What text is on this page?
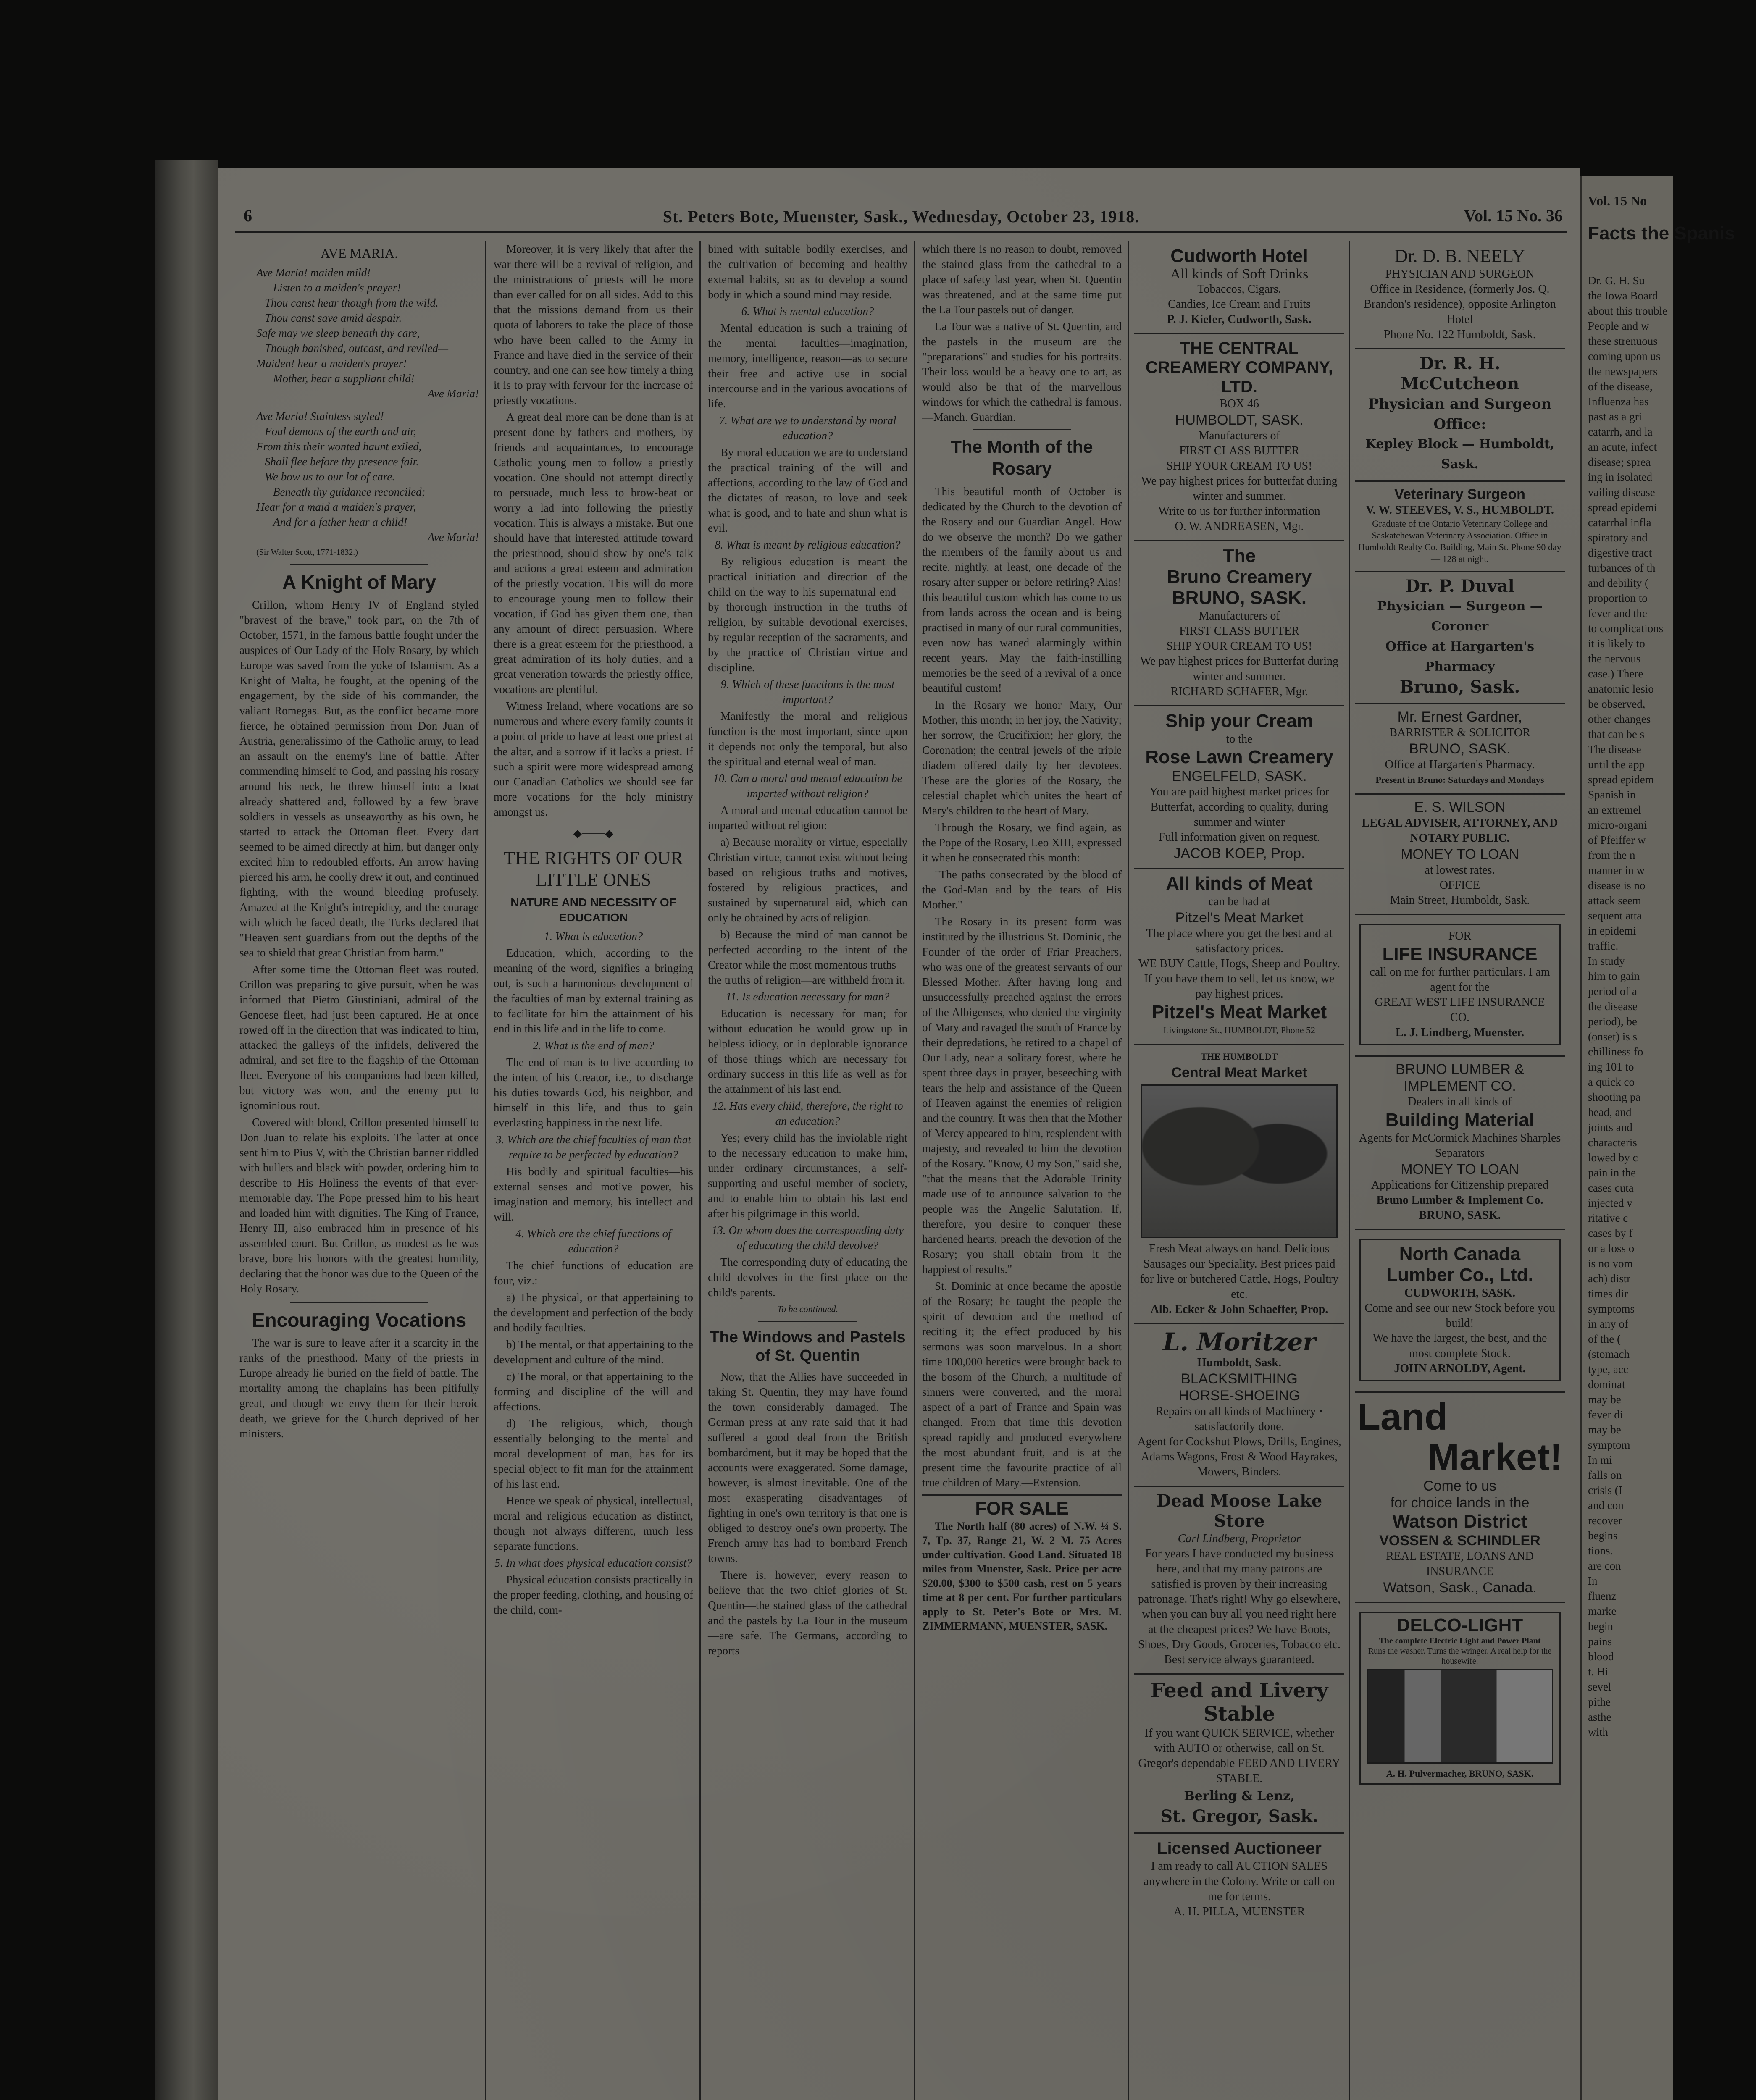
6	St. Peters Bote, Muenster, Sask., Wednesday, October 23, 1918.	Vol. 15 No. 36
AVE MARIA.
Ave Maria! maiden mild!
Listen to a maiden's prayer!
Thou canst hear though from the wild.
Thou canst save amid despair.
Safe may we sleep beneath thy care,
Though banished, outcast, and reviled—
Maiden! hear a maiden's prayer!
Mother, hear a suppliant child!
Ave Maria!
Ave Maria! Stainless styled!
Foul demons of the earth and air,
From this their wonted haunt exiled,
Shall flee before thy presence fair.
We bow us to our lot of care.
Beneath thy guidance reconciled;
Hear for a maid a maiden's prayer,
And for a father hear a child!
Ave Maria!
(Sir Walter Scott, 1771-1832.)
A Knight of Mary

Crillon, whom Henry IV of England styled "bravest of the brave," took part, on the 7th of October, 1571, in the famous battle fought under the auspices of Our Lady of the Holy Rosary, by which Europe was saved from the yoke of Islamism. As a Knight of Malta, he fought, at the opening of the engagement, by the side of his commander, the valiant Romegas. But, as the conflict became more fierce, he obtained permission from Don Juan of Austria, generalissimo of the Catholic army, to lead an assault on the enemy's line of battle. After commending himself to God, and passing his rosary around his neck, he threw himself into a boat already shattered and, followed by a few brave soldiers in vessels as unseaworthy as his own, he started to attack the Ottoman fleet. Every dart seemed to be aimed directly at him, but danger only excited him to redoubled efforts. An arrow having pierced his arm, he coolly drew it out, and continued fighting, with the wound bleeding profusely. Amazed at the Knight's intrepidity, and the courage with which he faced death, the Turks declared that "Heaven sent guardians from out the depths of the sea to shield that great Christian from harm."

After some time the Ottoman fleet was routed. Crillon was preparing to give pursuit, when he was informed that Pietro Giustiniani, admiral of the Genoese fleet, had just been captured. He at once rowed off in the direction that was indicated to him, attacked the galleys of the infidels, delivered the admiral, and set fire to the flagship of the Ottoman fleet. Everyone of his companions had been killed, but victory was won, and the enemy put to ignominious rout.

Covered with blood, Crillon presented himself to Don Juan to relate his exploits. The latter at once sent him to Pius V, with the Christian banner riddled with bullets and black with powder, ordering him to describe to His Holiness the events of that ever-memorable day. The Pope pressed him to his heart and loaded him with dignities. The King of France, Henry III, also embraced him in presence of his assembled court. But Crillon, as modest as he was brave, bore his honors with the greatest humility, declaring that the honor was due to the Queen of the Holy Rosary.

Encouraging Vocations

The war is sure to leave after it a scarcity in the ranks of the priesthood. Many of the priests in Europe already lie buried on the field of battle. The mortality among the chaplains has been pitifully great, and though we envy them for their heroic death, we grieve for the Church deprived of her ministers.

Moreover, it is very likely that after the war there will be a revival of religion, and the ministrations of priests will be more than ever called for on all sides. Add to this that the missions demand from us their quota of laborers to take the place of those who have been called to the Army in France and have died in the service of their country, and one can see how timely a thing it is to pray with fervour for the increase of priestly vocations.

A great deal more can be done than is at present done by fathers and mothers, by friends and acquaintances, to encourage Catholic young men to follow a priestly vocation. One should not attempt directly to persuade, much less to brow-beat or worry a lad into following the priestly vocation. This is always a mistake. But one should have that interested attitude toward the priesthood, should show by one's talk and actions a great esteem and admiration of the priestly vocation. This will do more to encourage young men to follow their vocation, if God has given them one, than any amount of direct persuasion. Where there is a great esteem for the priesthood, a great admiration of its holy duties, and a great veneration towards the priestly office, vocations are plentiful.

Witness Ireland, where vocations are so numerous and where every family counts it a point of pride to have at least one priest at the altar, and a sorrow if it lacks a priest. If such a spirit were more widespread among our Canadian Catholics we should see far more vocations for the holy ministry amongst us.

◆───◆
THE RIGHTS OF OUR LITTLE ONES
NATURE AND NECESSITY OF EDUCATION

1. What is education?

Education, which, according to the meaning of the word, signifies a bringing out, is such a harmonious development of the faculties of man by external training as to facilitate for him the attainment of his end in this life and in the life to come.

2. What is the end of man?

The end of man is to live according to the intent of his Creator, i.e., to discharge his duties towards God, his neighbor, and himself in this life, and thus to gain everlasting happiness in the next life.

3. Which are the chief faculties of man that require to be perfected by education?

His bodily and spiritual faculties—his external senses and motive power, his imagination and memory, his intellect and will.

4. Which are the chief functions of education?

The chief functions of education are four, viz.:

a) The physical, or that appertaining to the development and perfection of the body and bodily faculties.

b) The mental, or that appertaining to the development and culture of the mind.

c) The moral, or that appertaining to the forming and discipline of the will and affections.

d) The religious, which, though essentially belonging to the mental and moral development of man, has for its special object to fit man for the attainment of his last end.

Hence we speak of physical, intellectual, moral and religious education as distinct, though not always different, much less separate functions.

5. In what does physical education consist?

Physical education consists practically in the proper feeding, clothing, and housing of the child, com-

bined with suitable bodily exercises, and the cultivation of becoming and healthy external habits, so as to develop a sound body in which a sound mind may reside.

6. What is mental education?

Mental education is such a training of the mental faculties—imagination, memory, intelligence, reason—as to secure their free and active use in social intercourse and in the various avocations of life.

7. What are we to understand by moral education?

By moral education we are to understand the practical training of the will and affections, according to the law of God and the dictates of reason, to love and seek what is good, and to hate and shun what is evil.

8. What is meant by religious education?

By religious education is meant the practical initiation and direction of the child on the way to his supernatural end—by thorough instruction in the truths of religion, by suitable devotional exercises, by regular reception of the sacraments, and by the practice of Christian virtue and discipline.

9. Which of these functions is the most important?

Manifestly the moral and religious function is the most important, since upon it depends not only the temporal, but also the spiritual and eternal weal of man.

10. Can a moral and mental education be imparted without religion?

A moral and mental education cannot be imparted without religion:

a) Because morality or virtue, especially Christian virtue, cannot exist without being based on religious truths and motives, fostered by religious practices, and sustained by supernatural aid, which can only be obtained by acts of religion.

b) Because the mind of man cannot be perfected according to the intent of the Creator while the most momentous truths—the truths of religion—are withheld from it.

11. Is education necessary for man?

Education is necessary for man; for without education he would grow up in helpless idiocy, or in deplorable ignorance of those things which are necessary for ordinary success in this life as well as for the attainment of his last end.

12. Has every child, therefore, the right to an education?

Yes; every child has the inviolable right to the necessary education to make him, under ordinary circumstances, a self-supporting and useful member of society, and to enable him to obtain his last end after his pilgrimage in this world.

13. On whom does the corresponding duty of educating the child devolve?

The corresponding duty of educating the child devolves in the first place on the child's parents.

To be continued.

The Windows and Pastels of St. Quentin

Now, that the Allies have succeeded in taking St. Quentin, they may have found the town considerably damaged. The German press at any rate said that it had suffered a good deal from the British bombardment, but it may be hoped that the accounts were exaggerated. Some damage, however, is almost inevitable. One of the most exasperating disadvantages of fighting in one's own territory is that one is obliged to destroy one's own property. The French army has had to bombard French towns.

There is, however, every reason to believe that the two chief glories of St. Quentin—the stained glass of the cathedral and the pastels by La Tour in the museum—are safe. The Germans, according to reports

which there is no reason to doubt, removed the stained glass from the cathedral to a place of safety last year, when St. Quentin was threatened, and at the same time put the La Tour pastels out of danger.

La Tour was a native of St. Quentin, and the pastels in the museum are the "preparations" and studies for his portraits. Their loss would be a heavy one to art, as would also be that of the marvellous windows for which the cathedral is famous.—Manch. Guardian.

The Month of the Rosary

This beautiful month of October is dedicated by the Church to the devotion of the Rosary and our Guardian Angel. How do we observe the month? Do we gather the members of the family about us and recite, nightly, at least, one decade of the rosary after supper or before retiring? Alas! this beautiful custom which has come to us from lands across the ocean and is being practised in many of our rural communities, even now has waned alarmingly within recent years. May the faith-instilling memories be the seed of a revival of a once beautiful custom!

In the Rosary we honor Mary, Our Mother, this month; in her joy, the Nativity; her sorrow, the Crucifixion; her glory, the Coronation; the central jewels of the triple diadem offered daily by her devotees. These are the glories of the Rosary, the celestial chaplet which unites the heart of Mary's children to the heart of Mary.

Through the Rosary, we find again, as the Pope of the Rosary, Leo XIII, expressed it when he consecrated this month:

"The paths consecrated by the blood of the God-Man and by the tears of His Mother."

The Rosary in its present form was instituted by the illustrious St. Dominic, the Founder of the order of Friar Preachers, who was one of the greatest servants of our Blessed Mother. After having long and unsuccessfully preached against the errors of the Albigenses, who denied the virginity of Mary and ravaged the south of France by their depredations, he retired to a chapel of Our Lady, near a solitary forest, where he spent three days in prayer, beseeching with tears the help and assistance of the Queen of Heaven against the enemies of religion and the country. It was then that the Mother of Mercy appeared to him, resplendent with majesty, and revealed to him the devotion of the Rosary. "Know, O my Son," said she, "that the means that the Adorable Trinity made use of to announce salvation to the people was the Angelic Salutation. If, therefore, you desire to conquer these hardened hearts, preach the devotion of the Rosary; you shall obtain from it the happiest of results."

St. Dominic at once became the apostle of the Rosary; he taught the people the spirit of devotion and the method of reciting it; the effect produced by his sermons was soon marvelous. In a short time 100,000 heretics were brought back to the bosom of the Church, a multitude of sinners were converted, and the moral aspect of a part of France and Spain was changed. From that time this devotion spread rapidly and produced everywhere the most abundant fruit, and is at the present time the favourite practice of all true children of Mary.—Extension.

FOR SALE

The North half (80 acres) of N.W. ¼ S. 7, Tp. 37, Range 21, W. 2 M. 75 Acres under cultivation. Good Land. Situated 18 miles from Muenster, Sask. Price per acre $20.00, $300 to $500 cash, rest on 5 years time at 8 per cent. For further particulars apply to St. Peter's Bote or Mrs. M. ZIMMERMANN, MUENSTER, SASK.

Cudworth Hotel
All kinds of Soft Drinks
Tobaccos, Cigars,
Candies, Ice Cream and Fruits
P. J. Kiefer, Cudworth, Sask.
THE CENTRAL CREAMERY COMPANY, LTD.
BOX 46
HUMBOLDT, SASK.
Manufacturers of
FIRST CLASS BUTTER
SHIP YOUR CREAM TO US!
We pay highest prices for butterfat during winter and summer.
Write to us for further information
O. W. ANDREASEN, Mgr.
The
Bruno Creamery
BRUNO, SASK.
Manufacturers of
FIRST CLASS BUTTER
SHIP YOUR CREAM TO US!
We pay highest prices for Butterfat during winter and summer.
RICHARD SCHAFER, Mgr.
Ship your Cream
to the
Rose Lawn Creamery
ENGELFELD, SASK.
You are paid highest market prices for Butterfat, according to quality, during summer and winter
Full information given on request.
JACOB KOEP, Prop.
All kinds of Meat
can be had at
Pitzel's Meat Market
The place where you get the best and at satisfactory prices.
WE BUY Cattle, Hogs, Sheep and Poultry. If you have them to sell, let us know, we pay highest prices.
Pitzel's Meat Market
Livingstone St., HUMBOLDT, Phone 52
THE HUMBOLDT
Central Meat Market
Fresh Meat always on hand. Delicious Sausages our Speciality. Best prices paid for live or butchered Cattle, Hogs, Poultry etc.
Alb. Ecker & John Schaeffer, Prop.
L. Moritzer
Humboldt, Sask.
BLACKSMITHING
HORSE-SHOEING
Repairs on all kinds of Machinery • satisfactorily done.
Agent for Cockshut Plows, Drills, Engines, Adams Wagons, Frost & Wood Hayrakes, Mowers, Binders.
Dead Moose Lake Store
Carl Lindberg, Proprietor
For years I have conducted my business here, and that my many patrons are satisfied is proven by their increasing patronage. That's right! Why go elsewhere, when you can buy all you need right here at the cheapest prices? We have Boots, Shoes, Dry Goods, Groceries, Tobacco etc. Best service always guaranteed.
Feed and Livery Stable
If you want QUICK SERVICE, whether with AUTO or otherwise, call on St. Gregor's dependable FEED AND LIVERY STABLE.
Berling & Lenz,
St. Gregor, Sask.
Licensed Auctioneer
I am ready to call AUCTION SALES anywhere in the Colony. Write or call on me for terms.
A. H. PILLA, MUENSTER
Dr. D. B. NEELY
PHYSICIAN AND SURGEON
Office in Residence, (formerly Jos. Q. Brandon's residence), opposite Arlington Hotel
Phone No. 122 Humboldt, Sask.
Dr. R. H. McCutcheon
Physician and Surgeon
Office:
Kepley Block — Humboldt, Sask.
Veterinary Surgeon
V. W. STEEVES, V. S., HUMBOLDT.
Graduate of the Ontario Veterinary College and Saskatchewan Veterinary Association. Office in Humboldt Realty Co. Building, Main St. Phone 90 day — 128 at night.
Dr. P. Duval
Physician — Surgeon — Coroner
Office at Hargarten's Pharmacy
Bruno, Sask.
Mr. Ernest Gardner,
BARRISTER & SOLICITOR
BRUNO, SASK.
Office at Hargarten's Pharmacy.
Present in Bruno: Saturdays and Mondays
E. S. WILSON
LEGAL ADVISER, ATTORNEY, AND NOTARY PUBLIC.
MONEY TO LOAN
at lowest rates.
OFFICE
Main Street, Humboldt, Sask.
FOR
LIFE INSURANCE
call on me for further particulars. I am agent for the
GREAT WEST LIFE INSURANCE CO.
L. J. Lindberg, Muenster.
BRUNO LUMBER & IMPLEMENT CO.
Dealers in all kinds of
Building Material
Agents for McCormick Machines Sharples Separators
MONEY TO LOAN
Applications for Citizenship prepared
Bruno Lumber & Implement Co. BRUNO, SASK.
North Canada Lumber Co., Ltd.
CUDWORTH, SASK.
Come and see our new Stock before you build!
We have the largest, the best, and the most complete Stock.
JOHN ARNOLDY, Agent.
Land
Market!
Come to us
for choice lands in the
Watson District
VOSSEN & SCHINDLER
REAL ESTATE, LOANS AND INSURANCE
Watson, Sask., Canada.
DELCO-LIGHT
The complete Electric Light and Power Plant
Runs the washer. Turns the wringer. A real help for the housewife.
A. H. Pulvermacher, BRUNO, SASK.
Vol. 15 No
Facts the Spanis
Dr. G. H. Su
the Iowa Board
about this trouble
People and w
these strenuous
coming upon us
the newspapers
of the disease,
Influenza has
past as a gri
catarrh, and la
an acute, infect
disease; sprea
ing in isolated
vailing disease
spread epidemi
catarrhal infla
spiratory and
digestive tract
turbances of th
and debility (
proportion to
fever and the
to complications
it is likely to
the nervous
case.) There
anatomic lesio
be observed,
other changes
that can be s
The disease
until the app
spread epidem
Spanish in
an extremel
micro-organi
of Pfeiffer w
from the n
manner in w
disease is no
attack seem
sequent atta
in epidemi
traffic.
In study
him to gain
period of a
the disease
period), be
(onset) is s
chilliness fo
ing 101 to
a quick co
shooting pa
head, and
joints and
characteris
lowed by c
pain in the
cases cuta
injected v
ritative c
cases by f
or a loss o
is no vom
ach) distr
times dir
symptoms
in any of
of the (
(stomach
type, acc
dominat
may be
fever di
may be
symptom
In mi
falls on
crisis (I
and con
recover
begins
tions.
are con
In
fluenz
marke
begin
pains
blood
t. Hi
sevel
pithe
asthe
with
